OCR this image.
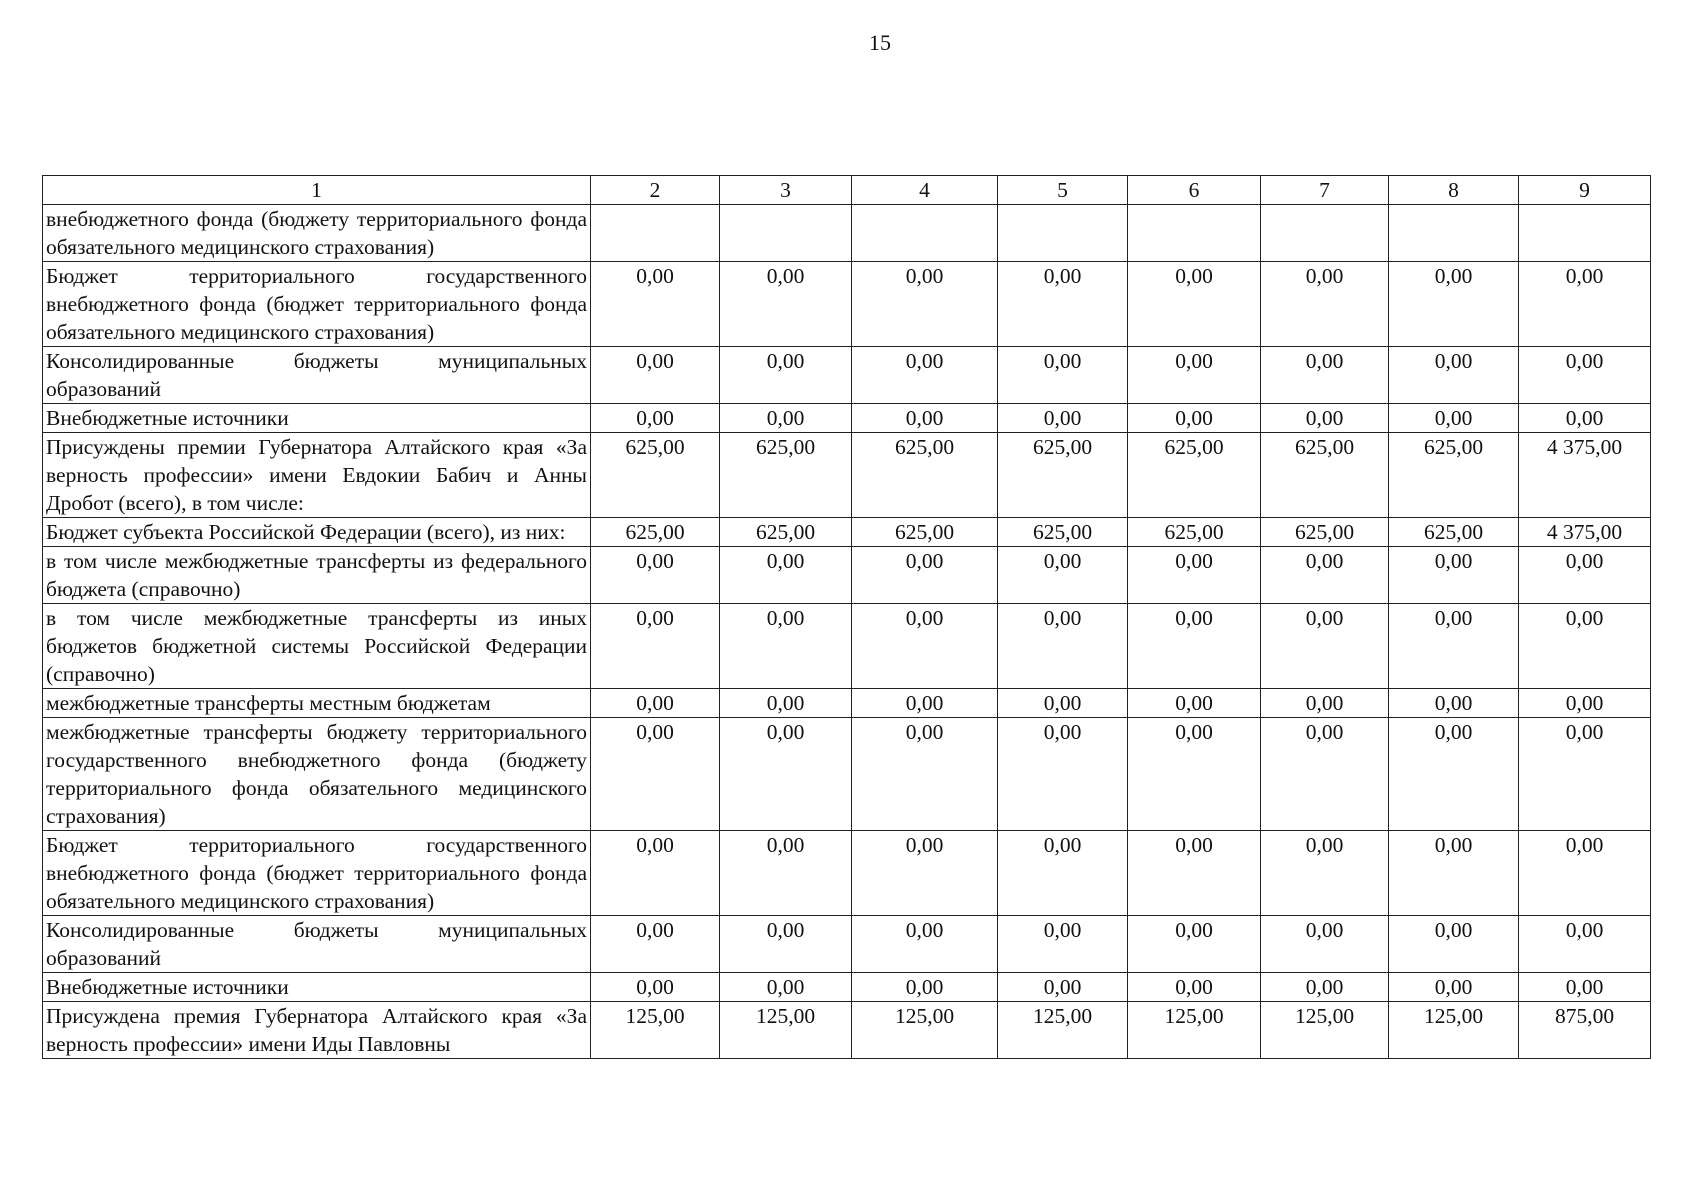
15
1	2	3	4	5	6	7	8	9
внебюджетного фонда (бюджету территориального фонда обязательного медицинского страхования)								
Бюджет территориального государственного внебюджетного фонда (бюджет территориального фонда обязательного медицинского страхования)	0,00	0,00	0,00	0,00	0,00	0,00	0,00	0,00
Консолидированные бюджеты муниципальных образований	0,00	0,00	0,00	0,00	0,00	0,00	0,00	0,00
Внебюджетные источники	0,00	0,00	0,00	0,00	0,00	0,00	0,00	0,00
Присуждены премии Губернатора Алтайского края «За верность профессии» имени Евдокии Бабич и Анны Дробот (всего), в том числе:	625,00	625,00	625,00	625,00	625,00	625,00	625,00	4 375,00
Бюджет субъекта Российской Федерации (всего), из них:	625,00	625,00	625,00	625,00	625,00	625,00	625,00	4 375,00
в том числе межбюджетные трансферты из федерального бюджета (справочно)	0,00	0,00	0,00	0,00	0,00	0,00	0,00	0,00
в том числе межбюджетные трансферты из иных бюджетов бюджетной системы Российской Федерации (справочно)	0,00	0,00	0,00	0,00	0,00	0,00	0,00	0,00
межбюджетные трансферты местным бюджетам	0,00	0,00	0,00	0,00	0,00	0,00	0,00	0,00
межбюджетные трансферты бюджету территориального государственного внебюджетного фонда (бюджету территориального фонда обязательного медицинского страхования)	0,00	0,00	0,00	0,00	0,00	0,00	0,00	0,00
Бюджет территориального государственного внебюджетного фонда (бюджет территориального фонда обязательного медицинского страхования)	0,00	0,00	0,00	0,00	0,00	0,00	0,00	0,00
Консолидированные бюджеты муниципальных образований	0,00	0,00	0,00	0,00	0,00	0,00	0,00	0,00
Внебюджетные источники	0,00	0,00	0,00	0,00	0,00	0,00	0,00	0,00
Присуждена премия Губернатора Алтайского края «За верность профессии» имени Иды Павловны	125,00	125,00	125,00	125,00	125,00	125,00	125,00	875,00
